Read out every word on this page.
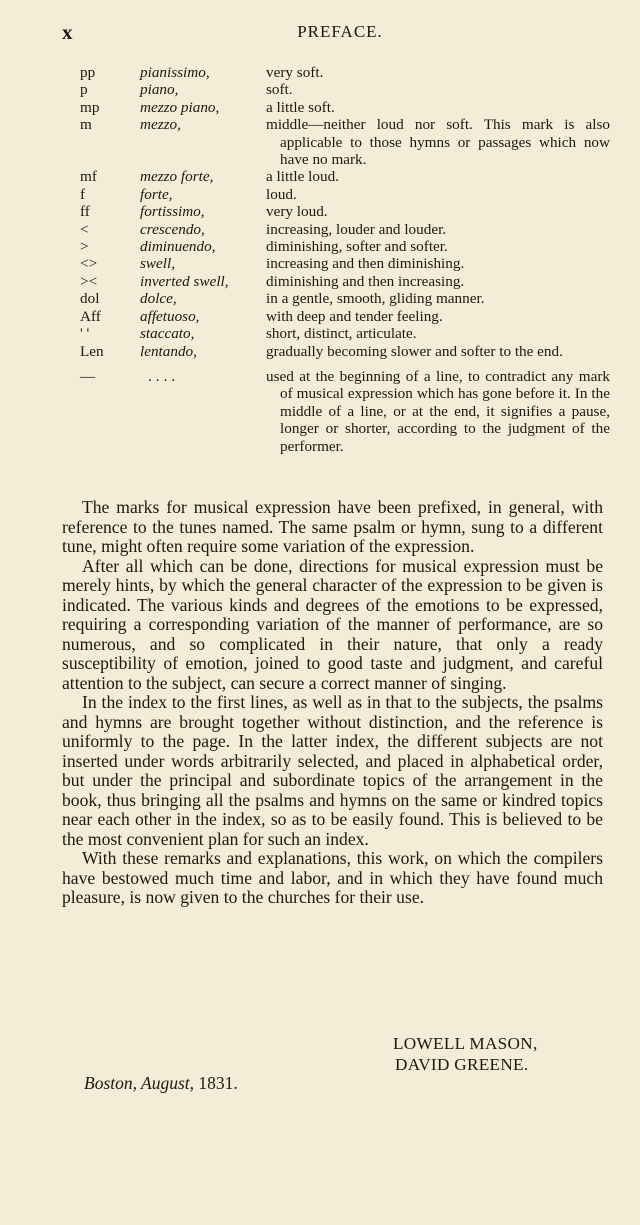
x	PREFACE.
pp	pianissimo,	very soft.
p	piano,	soft.
mp	mezzo piano,	a little soft.
m	mezzo,	middle—neither loud nor soft. This mark is also applicable to those hymns or passages which now have no mark.
mf	mezzo forte,	a little loud.
f	forte,	loud.
ff	fortissimo,	very loud.
<	crescendo,	increasing, louder and louder.
>	diminuendo,	diminishing, softer and softer.
<>	swell,	increasing and then diminishing.
><	inverted swell,	diminishing and then increasing.
dol	dolce,	in a gentle, smooth, gliding manner.
Aff	affetuoso,	with deep and tender feeling.
' '	staccato,	short, distinct, articulate.
Len	lentando,	gradually becoming slower and softer to the end.
—	....	used at the beginning of a line, to contradict any mark of musical expression which has gone before it. In the middle of a line, or at the end, it signifies a pause, longer or shorter, according to the judgment of the performer.

The marks for musical expression have been prefixed, in general, with reference to the tunes named. The same psalm or hymn, sung to a different tune, might often require some variation of the expression.

After all which can be done, directions for musical expression must be merely hints, by which the general character of the expression to be given is indicated. The various kinds and degrees of the emotions to be expressed, requiring a corresponding variation of the manner of performance, are so numerous, and so complicated in their nature, that only a ready susceptibility of emotion, joined to good taste and judgment, and careful attention to the subject, can secure a correct manner of singing.

In the index to the first lines, as well as in that to the subjects, the psalms and hymns are brought together without distinction, and the reference is uniformly to the page. In the latter index, the different subjects are not inserted under words arbitrarily selected, and placed in alphabetical order, but under the principal and subordinate topics of the arrangement in the book, thus bringing all the psalms and hymns on the same or kindred topics near each other in the index, so as to be easily found. This is believed to be the most convenient plan for such an index.

With these remarks and explanations, this work, on which the compilers have bestowed much time and labor, and in which they have found much pleasure, is now given to the churches for their use.

LOWELL MASON,
DAVID GREENE.
Boston, August, 1831.
